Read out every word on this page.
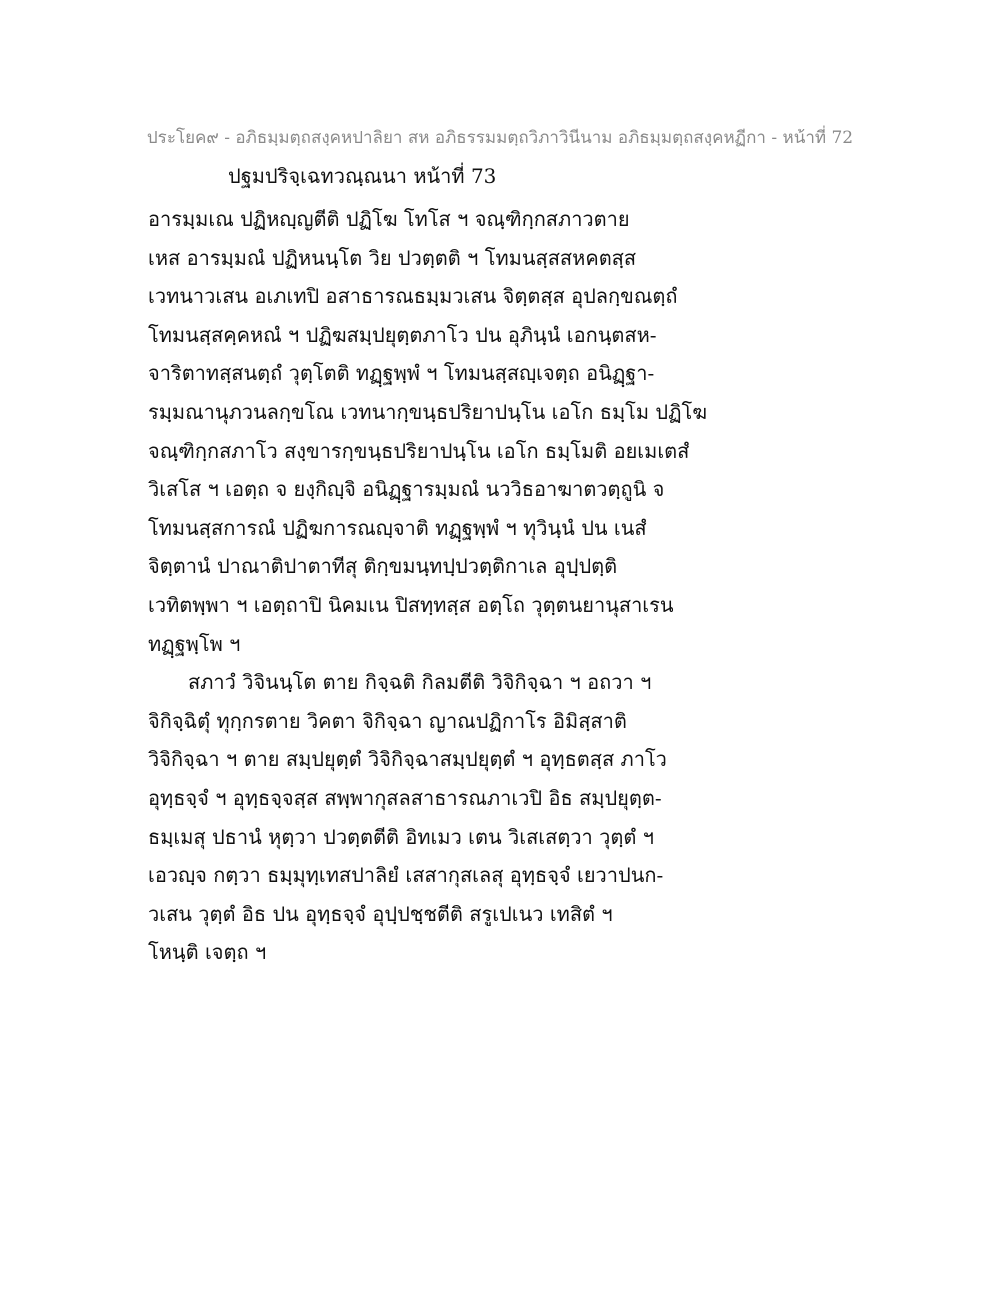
ประโยค๙ - อภิธมฺมตฺถสงฺคหปาลิยา สห อภิธรรมมตฺถวิภาวินีนาม อภิธมฺมตฺถสงฺคหฏีกา - หน้าที่ 72
ปฐมปริจฺเฉทวณฺณนา หน้าที่ 73
อารมฺมเณ ปฏิหญฺญตีติ ปฏิโฆ โทโส ฯ จณฺฑิกฺกสภาวตาย
เหส อารมฺมณํ ปฏิหนนฺโต วิย ปวตฺตติ ฯ โทมนสฺสสหคตสฺส
เวทนาวเสน อเภเทปิ อสาธารณธมฺมวเสน จิตฺตสฺส อุปลกฺขณตฺถํ
โทมนสฺสคฺคหณํ ฯ ปฏิฆสมฺปยุตฺตภาโว ปน อุภินฺนํ เอกนฺตสห-
จาริตาทสฺสนตฺถํ วุตฺโตติ ทฏฺฐพฺพํ ฯ โทมนสฺสญฺเจตฺถ อนิฏฺฐา-
รมฺมณานุภวนลกฺขโณ เวทนากฺขนฺธปริยาปนฺโน เอโก ธมฺโม ปฏิโฆ
จณฺฑิกฺกสภาโว สงฺขารกฺขนฺธปริยาปนฺโน เอโก ธมฺโมติ อยเมเตสํ
วิเสโส ฯ เอตฺถ จ ยงฺกิญฺจิ อนิฏฺฐารมฺมณํ นววิธอาฆาตวตฺถูนิ จ
โทมนสฺสการณํ ปฏิฆการณญฺจาติ ทฏฺฐพฺพํ ฯ ทุวินฺนํ ปน เนสํ
จิตฺตานํ ปาณาติปาตาทีสุ ติกฺขมนฺทปฺปวตฺติกาเล อุปฺปตฺติ
เวทิตพฺพา ฯ เอตฺถาปิ นิคมเน ปิสทฺทสฺส อตฺโถ วุตฺตนยานุสาเรน
ทฏฺฐพฺโพ ฯ
สภาวํ วิจินนฺโต ตาย กิจฺฉติ กิลมตีติ วิจิกิจฺฉา ฯ อถวา ฯ
จิกิจฺฉิตุํ ทุกฺกรตาย วิคตา จิกิจฺฉา ญาณปฏิกาโร อิมิสฺสาติ
วิจิกิจฺฉา ฯ ตาย สมฺปยุตฺตํ วิจิกิจฺฉาสมฺปยุตฺตํ ฯ อุทฺธตสฺส ภาโว
อุทฺธจฺจํ ฯ อุทฺธจฺจสฺส สพฺพากุสลสาธารณภาเวปิ อิธ สมฺปยุตฺต-
ธมฺเมสุ ปธานํ หุตฺวา ปวตฺตตีติ อิทเมว เตน วิเสเสตฺวา วุตฺตํ ฯ
เอวญฺจ กตฺวา ธมฺมุทฺเทสปาลิยํ เสสากุสเลสุ อุทฺธจฺจํ เยวาปนก-
วเสน วุตฺตํ อิธ ปน อุทฺธจฺจํ อุปฺปชฺชตีติ สรูเปเนว เทสิตํ ฯ
โหนฺติ เจตฺถ ฯ
